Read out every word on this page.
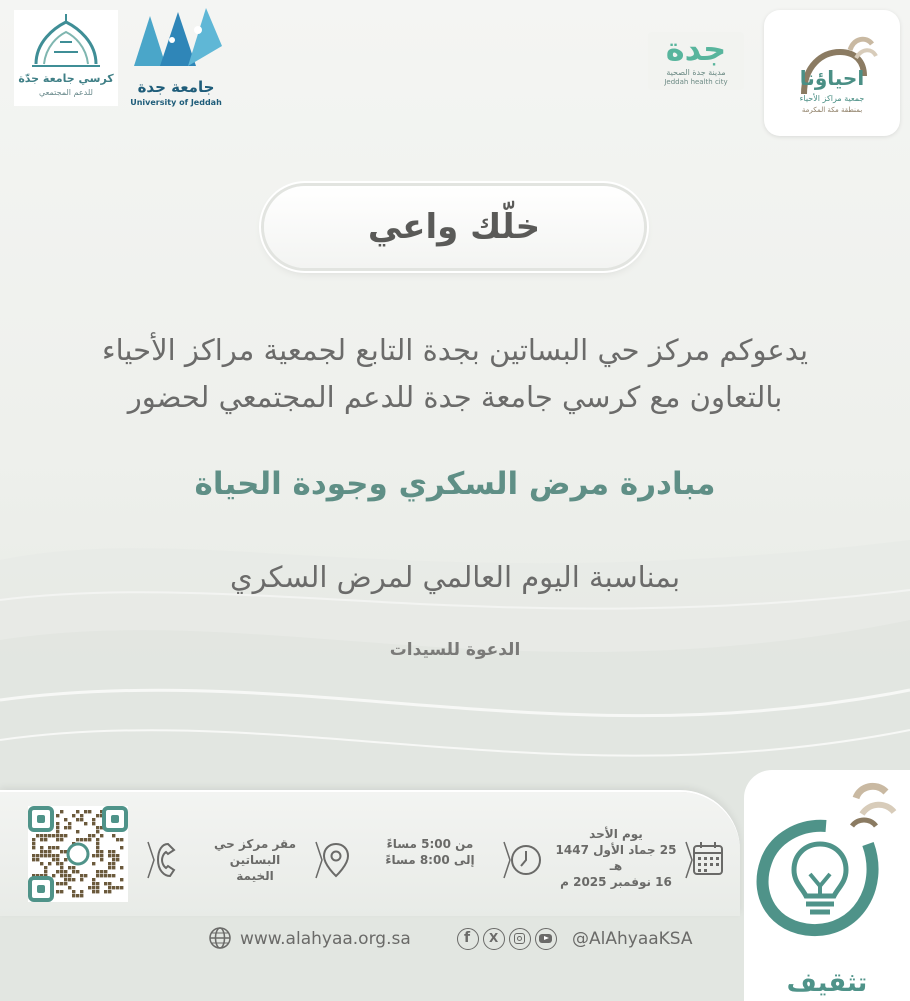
كرسي جامعة جدّة
للدعم المجتمعي	جامعة جدة
University of Jeddah
جدة
مدينة جدة الصحية
Jeddah health city	احياؤنا
جمعية مراكز الأحياء
بمنطقة مكة المكرمة
خلّك واعي
يدعوكم مركز حي البساتين بجدة التابع لجمعية مراكز الأحياء
بالتعاون مع كرسي جامعة جدة للدعم المجتمعي لحضور
مبادرة مرض السكري وجودة الحياة
بمناسبة اليوم العالمي لمرض السكري
الدعوة للسيدات
مقر مركز حي
البساتين
الخيمة
من 5:00 مساءً
إلى 8:00 مساءً
يوم الأحد
25 جماد الأول 1447 هـ
16 نوفمبر 2025 م
تثقيف
www.alahyaa.org.sa	f X	@AlAhyaaKSA
